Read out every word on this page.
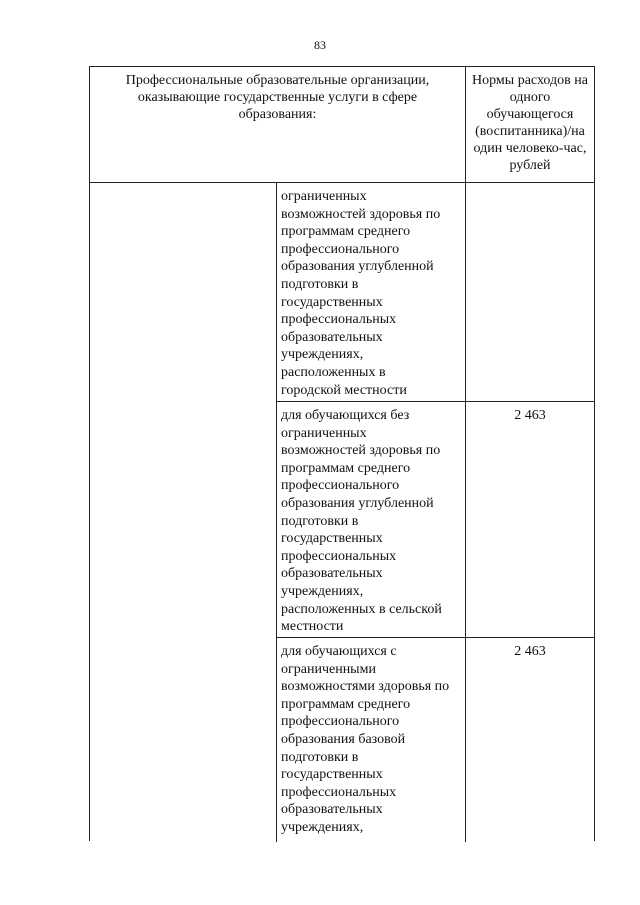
83
Профессиональные образовательные организации, оказывающие государственные услуги в сфере образования:
Нормы расходов на одного обучающегося (воспитанника)/на один человеко-час, рублей
ограниченных
возможностей здоровья по
программам среднего
профессионального
образования углубленной
подготовки в
государственных
профессиональных
образовательных
учреждениях,
расположенных в
городской местности
для обучающихся без
ограниченных
возможностей здоровья по
программам среднего
профессионального
образования углубленной
подготовки в
государственных
профессиональных
образовательных
учреждениях,
расположенных в сельской
местности
2 463
для обучающихся с
ограниченными
возможностями здоровья по
программам среднего
профессионального
образования базовой
подготовки в
государственных
профессиональных
образовательных
учреждениях,
2 463
